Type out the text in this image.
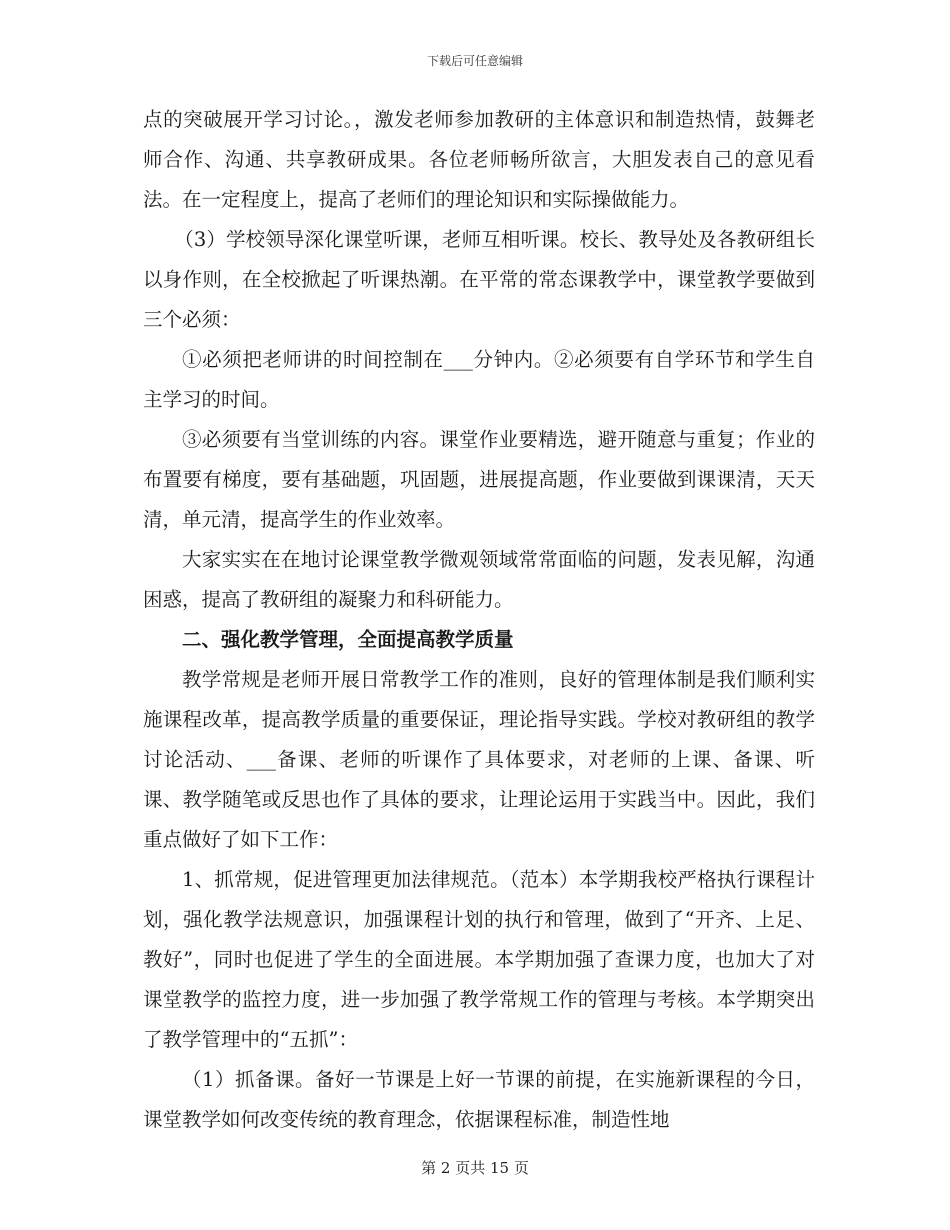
下载后可任意编辑

点的突破展开学习讨论。，激发老师参加教研的主体意识和制造热情，鼓舞老师合作、沟通、共享教研成果。各位老师畅所欲言，大胆发表自己的意见看法。在一定程度上，提高了老师们的理论知识和实际操做能力。

（3）学校领导深化课堂听课，老师互相听课。校长、教导处及各教研组长以身作则，在全校掀起了听课热潮。在平常的常态课教学中，课堂教学要做到三个必须：

①必须把老师讲的时间控制在___分钟内。②必须要有自学环节和学生自主学习的时间。

③必须要有当堂训练的内容。课堂作业要精选，避开随意与重复；作业的布置要有梯度，要有基础题，巩固题，进展提高题，作业要做到课课清，天天清，单元清，提高学生的作业效率。

大家实实在在地讨论课堂教学微观领域常常面临的问题，发表见解，沟通困惑，提高了教研组的凝聚力和科研能力。

二、强化教学管理，全面提高教学质量

教学常规是老师开展日常教学工作的准则，良好的管理体制是我们顺利实施课程改革，提高教学质量的重要保证，理论指导实践。学校对教研组的教学讨论活动、___备课、老师的听课作了具体要求，对老师的上课、备课、听课、教学随笔或反思也作了具体的要求，让理论运用于实践当中。因此，我们重点做好了如下工作：

1、抓常规，促进管理更加法律规范。（范本）本学期我校严格执行课程计划，强化教学法规意识，加强课程计划的执行和管理，做到了“开齐、上足、教好”，同时也促进了学生的全面进展。本学期加强了查课力度，也加大了对课堂教学的监控力度，进一步加强了教学常规工作的管理与考核。本学期突出了教学管理中的“五抓”：

（1）抓备课。备好一节课是上好一节课的前提，在实施新课程的今日，课堂教学如何改变传统的教育理念，依据课程标准，制造性地

第 2 页共 15 页
